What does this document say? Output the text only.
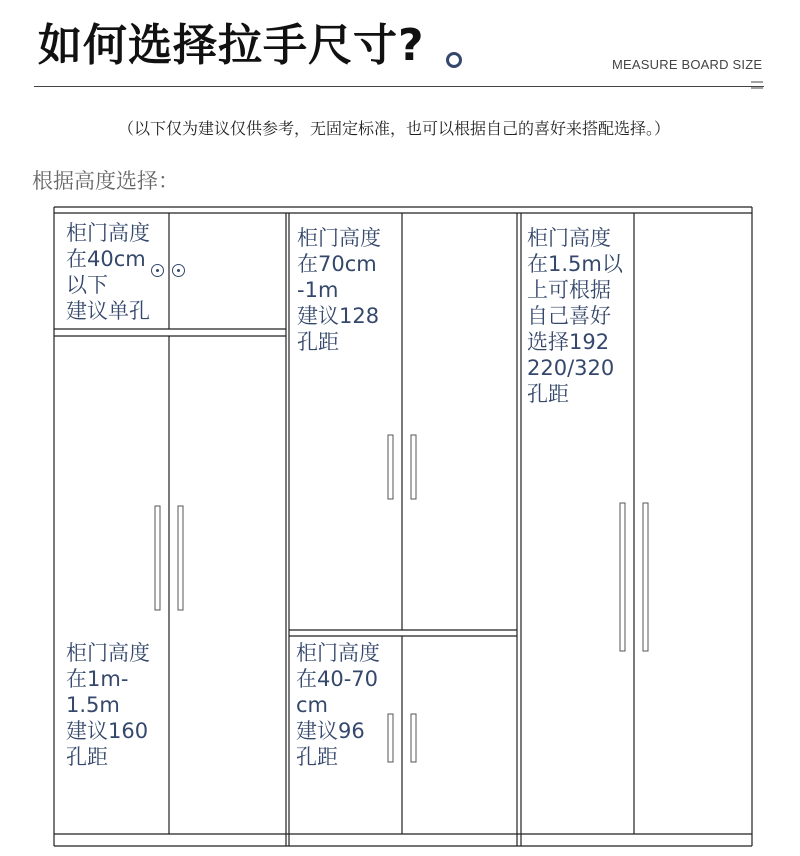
如何选择拉手尺寸?	MEASURE BOARD SIZE
（以下仅为建议仅供参考，无固定标准，也可以根据自己的喜好来搭配选择。）
根据高度选择：
柜门高度
在40cm
以下
建议单孔
柜门高度
在1m-
1.5m
建议160
孔距
柜门高度
在70cm
-1m
建议128
孔距
柜门高度
在40-70
cm
建议96
孔距
柜门高度
在1.5m以
上可根据
自己喜好
选择192
220/320
孔距
